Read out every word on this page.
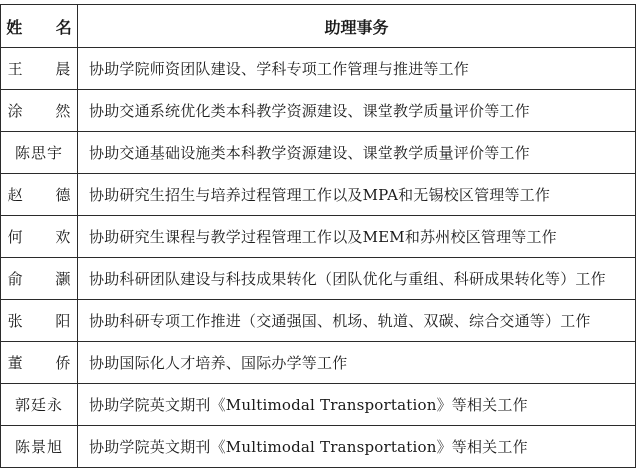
姓 名	助理事务
王 晨	协助学院师资团队建设、学科专项工作管理与推进等工作
涂 然	协助交通系统优化类本科教学资源建设、课堂教学质量评价等工作
陈思宇	协助交通基础设施类本科教学资源建设、课堂教学质量评价等工作
赵 德	协助研究生招生与培养过程管理工作以及MPA和无锡校区管理等工作
何 欢	协助研究生课程与教学过程管理工作以及MEM和苏州校区管理等工作
俞 灏	协助科研团队建设与科技成果转化（团队优化与重组、科研成果转化等）工作
张 阳	协助科研专项工作推进（交通强国、机场、轨道、双碳、综合交通等）工作
董 侨	协助国际化人才培养、国际办学等工作
郭廷永	协助学院英文期刊《Multimodal Transportation》等相关工作
陈景旭	协助学院英文期刊《Multimodal Transportation》等相关工作
